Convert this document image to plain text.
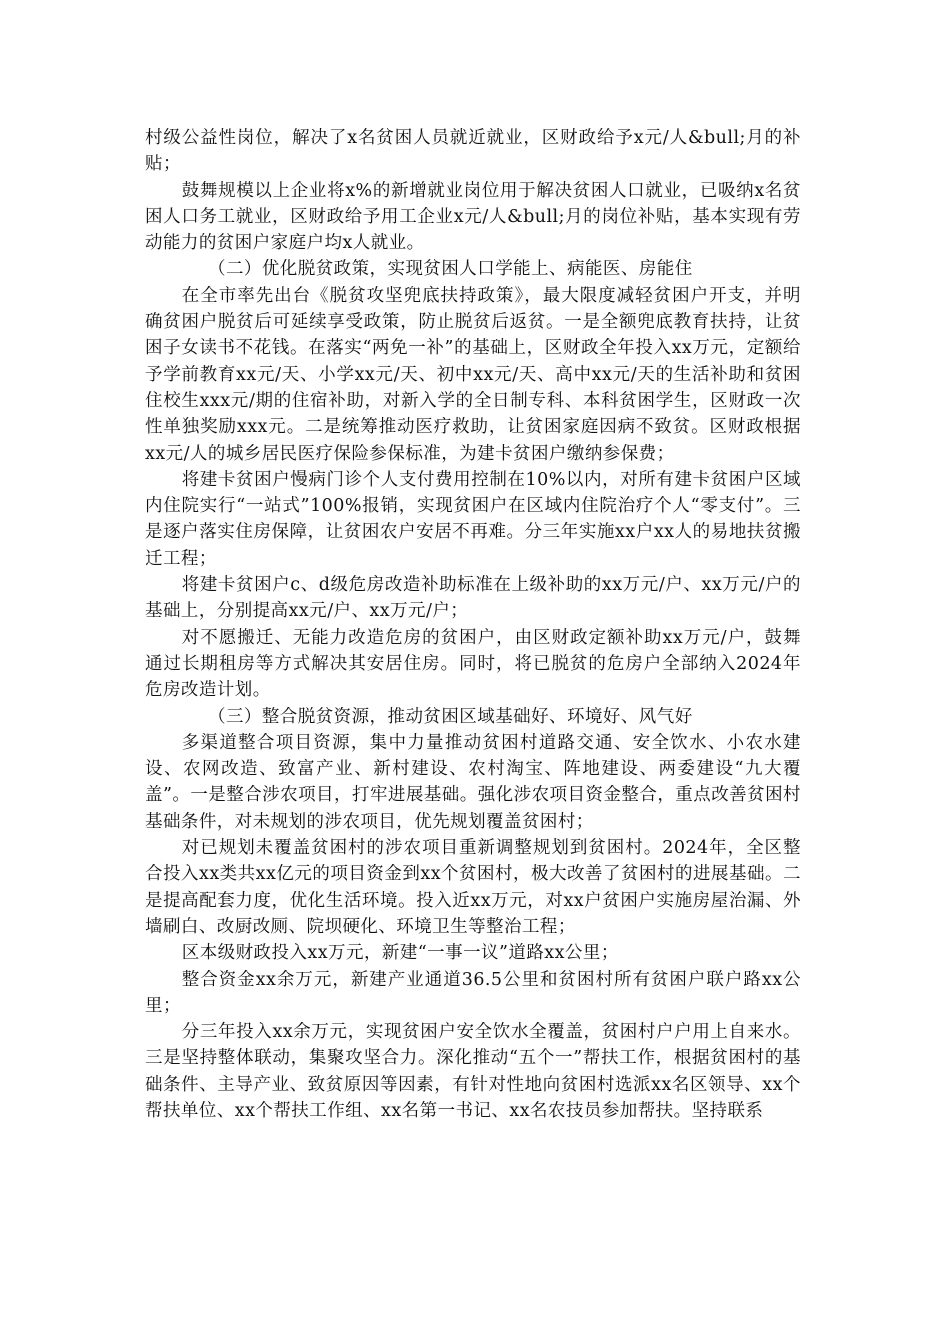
村级公益性岗位，解决了x名贫困人员就近就业，区财政给予x元/人&bull;月的补贴；

鼓舞规模以上企业将x%的新增就业岗位用于解决贫困人口就业，已吸纳x名贫困人口务工就业，区财政给予用工企业x元/人&bull;月的岗位补贴，基本实现有劳动能力的贫困户家庭户均x人就业。

（二）优化脱贫政策，实现贫困人口学能上、病能医、房能住

在全市率先出台《脱贫攻坚兜底扶持政策》，最大限度减轻贫困户开支，并明确贫困户脱贫后可延续享受政策，防止脱贫后返贫。一是全额兜底教育扶持，让贫困子女读书不花钱。在落实“两免一补”的基础上，区财政全年投入xx万元，定额给予学前教育xx元/天、小学xx元/天、初中xx元/天、高中xx元/天的生活补助和贫困住校生xxx元/期的住宿补助，对新入学的全日制专科、本科贫困学生，区财政一次性单独奖励xxx元。二是统筹推动医疗救助，让贫困家庭因病不致贫。区财政根据xx元/人的城乡居民医疗保险参保标准，为建卡贫困户缴纳参保费；

将建卡贫困户慢病门诊个人支付费用控制在10%以内，对所有建卡贫困户区域内住院实行“一站式”100%报销，实现贫困户在区域内住院治疗个人“零支付”。三是逐户落实住房保障，让贫困农户安居不再难。分三年实施xx户xx人的易地扶贫搬迁工程；

将建卡贫困户c、d级危房改造补助标准在上级补助的xx万元/户、xx万元/户的基础上，分别提高xx元/户、xx万元/户；

对不愿搬迁、无能力改造危房的贫困户，由区财政定额补助xx万元/户，鼓舞通过长期租房等方式解决其安居住房。同时，将已脱贫的危房户全部纳入2024年危房改造计划。

（三）整合脱贫资源，推动贫困区域基础好、环境好、风气好

多渠道整合项目资源，集中力量推动贫困村道路交通、安全饮水、小农水建设、农网改造、致富产业、新村建设、农村淘宝、阵地建设、两委建设“九大覆盖”。一是整合涉农项目，打牢进展基础。强化涉农项目资金整合，重点改善贫困村基础条件，对未规划的涉农项目，优先规划覆盖贫困村；

对已规划未覆盖贫困村的涉农项目重新调整规划到贫困村。2024年，全区整合投入xx类共xx亿元的项目资金到xx个贫困村，极大改善了贫困村的进展基础。二是提高配套力度，优化生活环境。投入近xx万元，对xx户贫困户实施房屋治漏、外墙刷白、改厨改厕、院坝硬化、环境卫生等整治工程；

区本级财政投入xx万元，新建“一事一议”道路xx公里；

整合资金xx余万元，新建产业通道36.5公里和贫困村所有贫困户联户路xx公里；

分三年投入xx余万元，实现贫困户安全饮水全覆盖，贫困村户户用上自来水。三是坚持整体联动，集聚攻坚合力。深化推动“五个一”帮扶工作，根据贫困村的基础条件、主导产业、致贫原因等因素，有针对性地向贫困村选派xx名区领导、xx个帮扶单位、xx个帮扶工作组、xx名第一书记、xx名农技员参加帮扶。坚持联系
